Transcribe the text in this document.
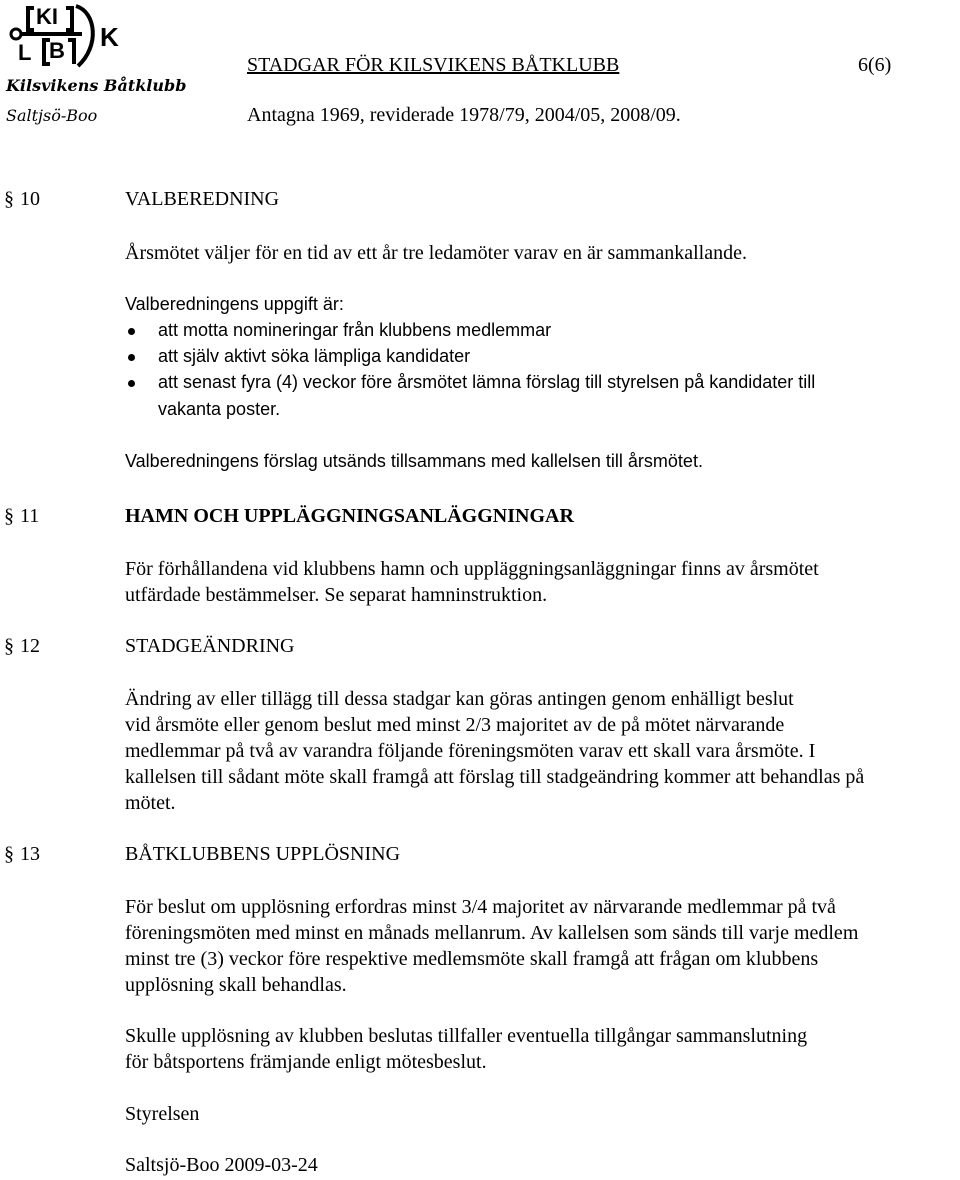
KI
L B K
Kilsvikens Båtklubb
Saltjsö-Boo
STADGAR FÖR KILSVIKENS BÅTKLUBB	6(6)
Antagna 1969, reviderade 1978/79, 2004/05, 2008/09.
§ 10	VALBEREDNING
Årsmötet väljer för en tid av ett år tre ledamöter varav en är sammankallande.
Valberedningens uppgift är:
att motta nomineringar från klubbens medlemmar
att själv aktivt söka lämpliga kandidater
att senast fyra (4) veckor före årsmötet lämna förslag till styrelsen på kandidater till
vakanta poster.
Valberedningens förslag utsänds tillsammans med kallelsen till årsmötet.
§ 11	HAMN OCH UPPLÄGGNINGSANLÄGGNINGAR
För förhållandena vid klubbens hamn och uppläggningsanläggningar finns av årsmötet
utfärdade bestämmelser. Se separat hamninstruktion.
§ 12	STADGEÄNDRING
Ändring av eller tillägg till dessa stadgar kan göras antingen genom enhälligt beslut
vid årsmöte eller genom beslut med minst 2/3 majoritet av de på mötet närvarande
medlemmar på två av varandra följande föreningsmöten varav ett skall vara årsmöte. I
kallelsen till sådant möte skall framgå att förslag till stadgeändring kommer att behandlas på
mötet.
§ 13	BÅTKLUBBENS UPPLÖSNING
För beslut om upplösning erfordras minst 3/4 majoritet av närvarande medlemmar på två
föreningsmöten med minst en månads mellanrum. Av kallelsen som sänds till varje medlem
minst tre (3) veckor före respektive medlemsmöte skall framgå att frågan om klubbens
upplösning skall behandlas.
Skulle upplösning av klubben beslutas tillfaller eventuella tillgångar sammanslutning
för båtsportens främjande enligt mötesbeslut.
Styrelsen
Saltsjö-Boo 2009-03-24
